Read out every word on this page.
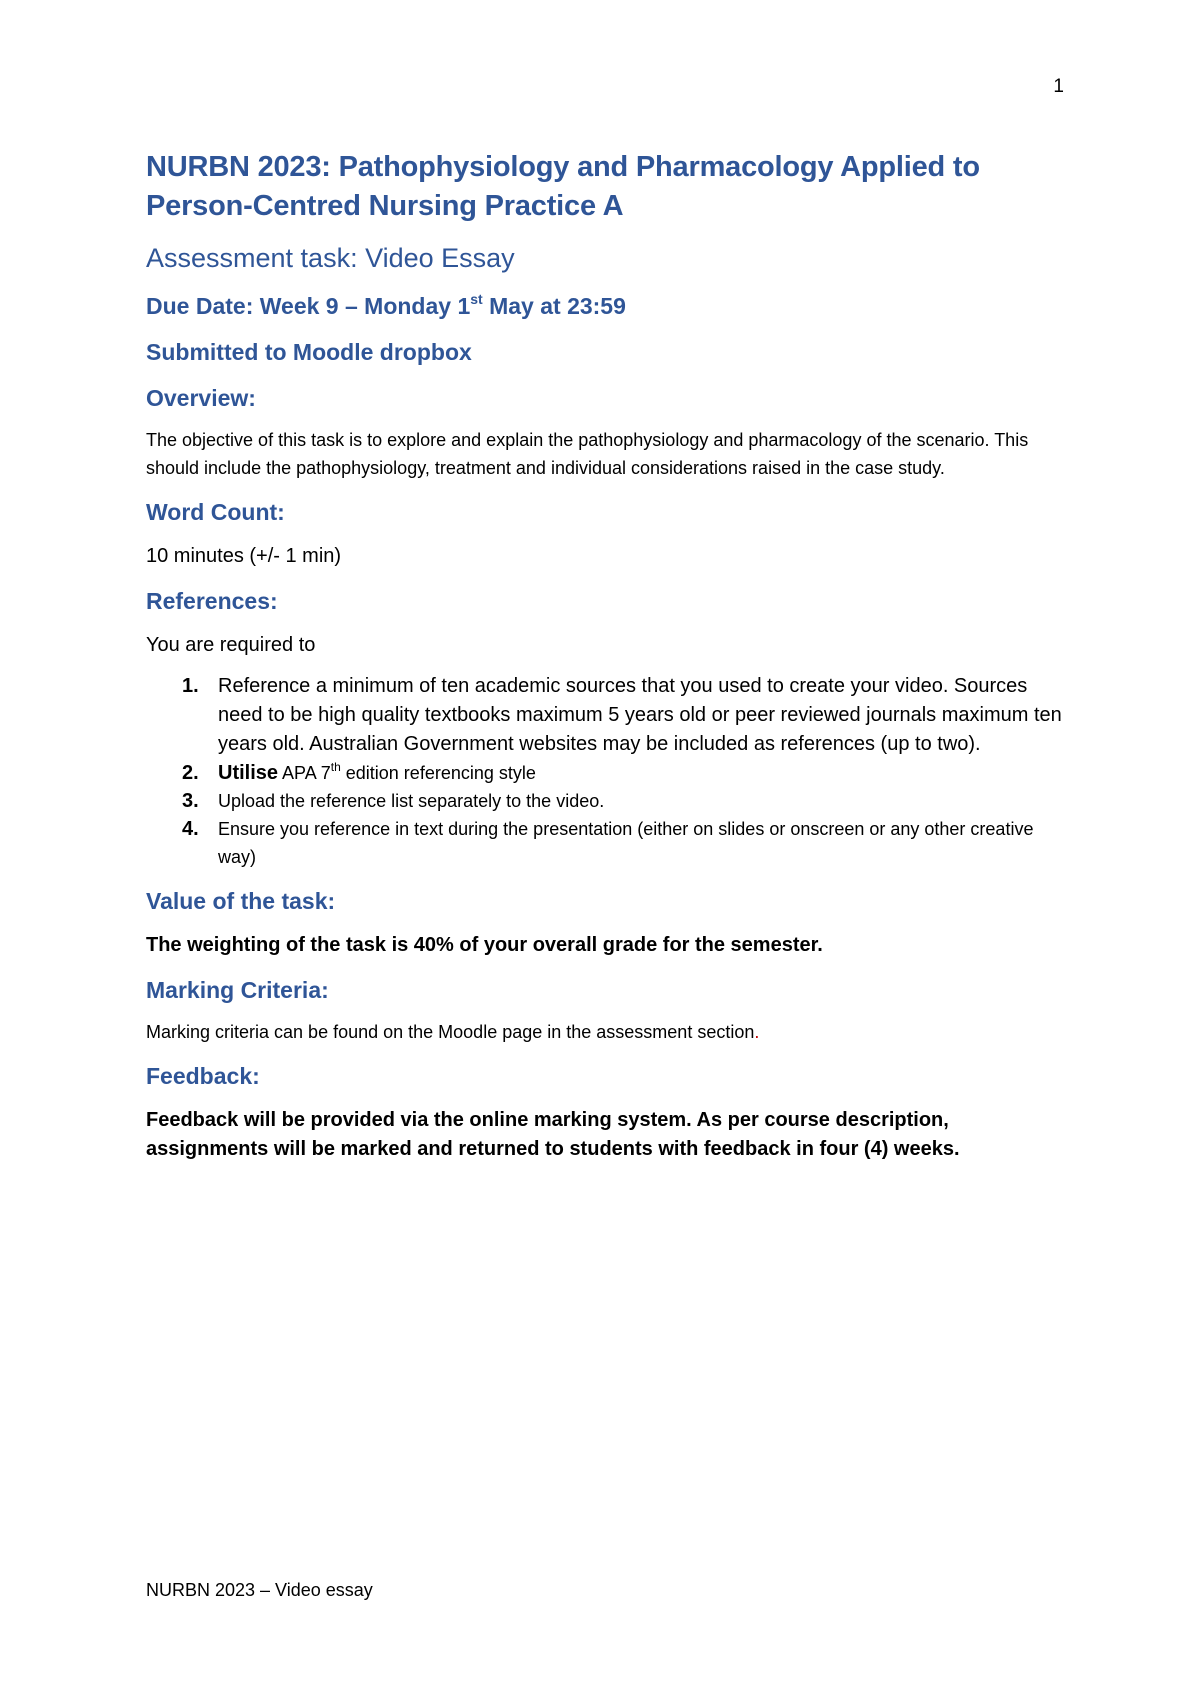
1
NURBN 2023: Pathophysiology and Pharmacology Applied to Person-Centred Nursing Practice A
Assessment task: Video Essay
Due Date: Week 9 – Monday 1st May at 23:59
Submitted to Moodle dropbox
Overview:

The objective of this task is to explore and explain the pathophysiology and pharmacology of the scenario. This should include the pathophysiology, treatment and individual considerations raised in the case study.

Word Count:

10 minutes (+/- 1 min)

References:

You are required to

1. Reference a minimum of ten academic sources that you used to create your video. Sources need to be high quality textbooks maximum 5 years old or peer reviewed journals maximum ten years old. Australian Government websites may be included as references (up to two).
2. Utilise APA 7th edition referencing style
3. Upload the reference list separately to the video.
4. Ensure you reference in text during the presentation (either on slides or onscreen or any other creative way)
Value of the task:

The weighting of the task is 40% of your overall grade for the semester.

Marking Criteria:

Marking criteria can be found on the Moodle page in the assessment section.

Feedback:

Feedback will be provided via the online marking system. As per course description, assignments will be marked and returned to students with feedback in four (4) weeks.

NURBN 2023 – Video essay
